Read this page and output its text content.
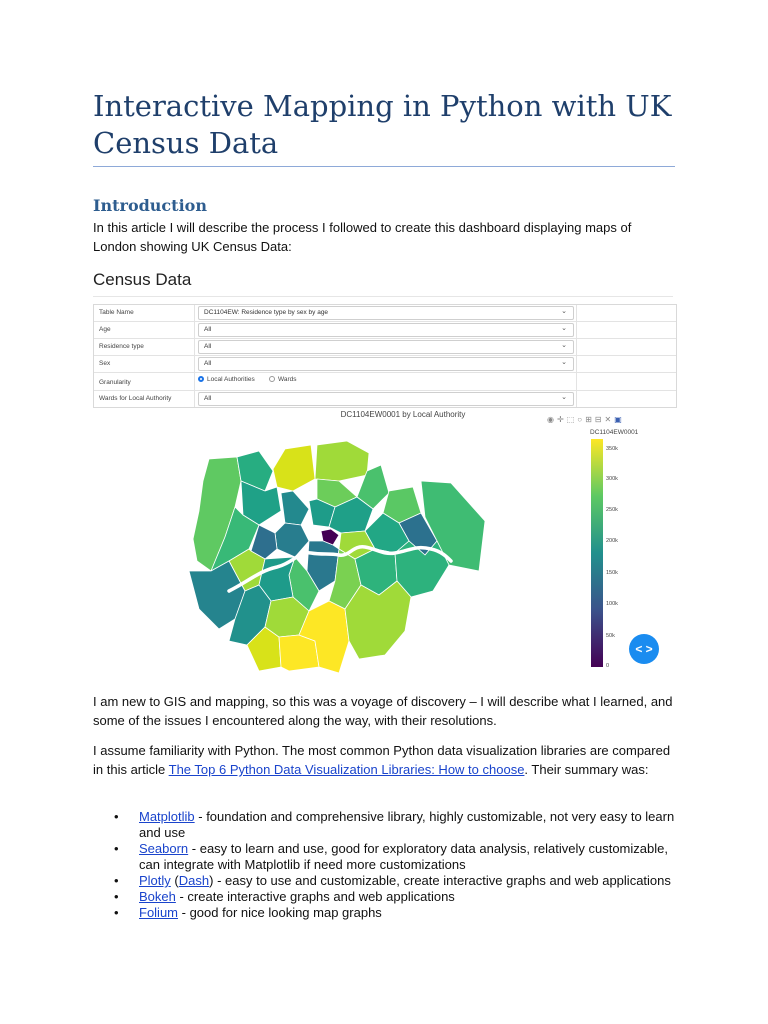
Interactive Mapping in Python with UK Census Data
Introduction

In this article I will describe the process I followed to create this dashboard displaying maps of London showing UK Census Data:

Census Data
Table Name	DC1104EW: Residence type by sex by age	⌄
Age	All	⌄
Residence type	All	⌄
Sex	All	⌄
Granularity	Local Authorities	Wards
Wards for Local Authority	All	⌄
DC1104EW0001 by Local Authority
◉✛⬚○⊞⊟✕▣
DC1104EW0001
350k
300k
250k
200k
150k
100k
50k
0
< >

I am new to GIS and mapping, so this was a voyage of discovery – I will describe what I learned, and some of the issues I encountered along the way, with their resolutions.

I assume familiarity with Python. The most common Python data visualization libraries are compared in this article The Top 6 Python Data Visualization Libraries: How to choose. Their summary was:

• Matplotlib - foundation and comprehensive library, highly customizable, not very easy to learn and use
• Seaborn - easy to learn and use, good for exploratory data analysis, relatively customizable, can integrate with Matplotlib if need more customizations
• Plotly (Dash) - easy to use and customizable, create interactive graphs and web applications
• Bokeh - create interactive graphs and web applications
• Folium - good for nice looking map graphs
